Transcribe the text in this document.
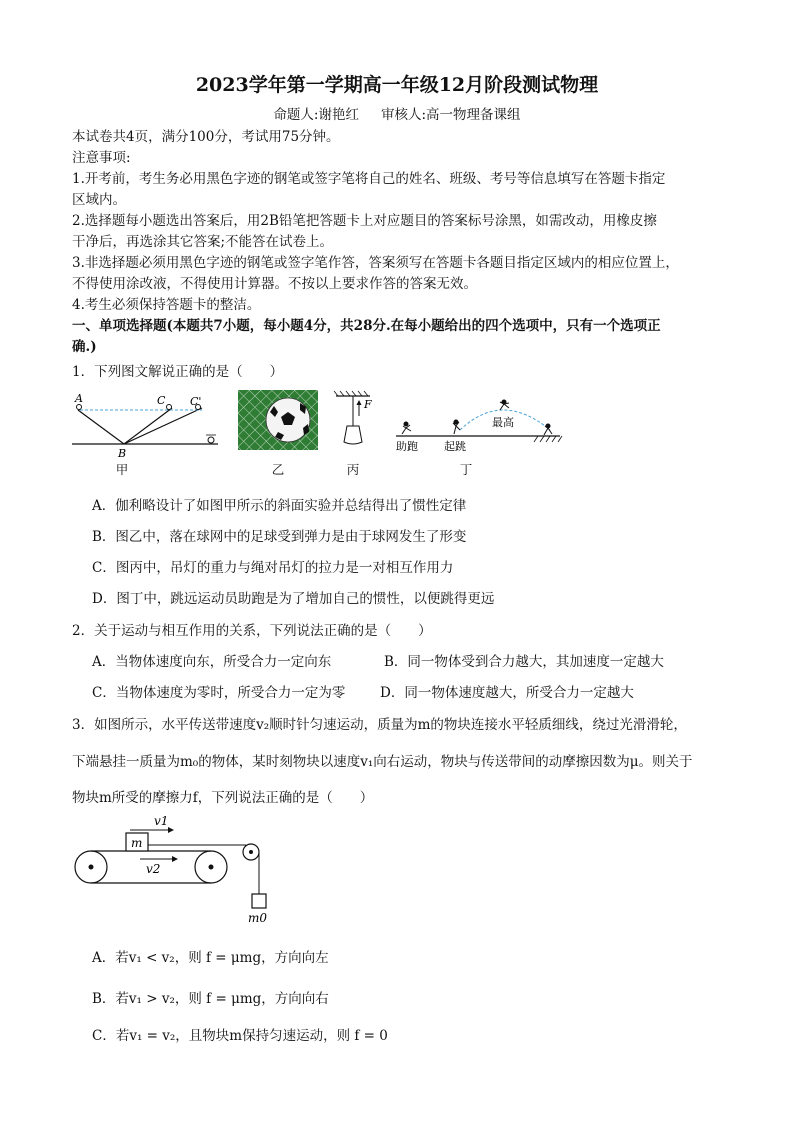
2023学年第一学期高一年级12月阶段测试物理
命题人:谢艳红 审核人:高一物理备课组
本试卷共4页，满分100分，考试用75分钟。
注意事项:
1.开考前，考生务必用黑色字迹的钢笔或签字笔将自己的姓名、班级、考号等信息填写在答题卡指定
区域内。
2.选择题每小题选出答案后，用2B铅笔把答题卡上对应题目的答案标号涂黑，如需改动，用橡皮擦
干净后，再选涂其它答案;不能答在试卷上。
3.非选择题必须用黑色字迹的钢笔或签字笔作答，答案须写在答题卡各题目指定区域内的相应位置上，
不得使用涂改液，不得使用计算器。不按以上要求作答的答案无效。
4.考生必须保持答题卡的整洁。
一、单项选择题(本题共7小题，每小题4分，共28分.在每小题给出的四个选项中，只有一个选项正
确.)
1．下列图文解说正确的是（　　）
A	C C'
B
甲	乙
F
丙
助跑 起跳
最高
丁
A．伽利略设计了如图甲所示的斜面实验并总结得出了惯性定律
B．图乙中，落在球网中的足球受到弹力是由于球网发生了形变
C．图丙中，吊灯的重力与绳对吊灯的拉力是一对相互作用力
D．图丁中，跳远运动员助跑是为了增加自己的惯性，以便跳得更远
2．关于运动与相互作用的关系，下列说法正确的是（　　）
A．当物体速度向东，所受合力一定向东	B．同一物体受到合力越大，其加速度一定越大
C．当物体速度为零时，所受合力一定为零	D．同一物体速度越大，所受合力一定越大
3．如图所示，水平传送带速度v₂顺时针匀速运动，质量为m的物块连接水平轻质细线，绕过光滑滑轮，
下端悬挂一质量为m₀的物体，某时刻物块以速度v₁向右运动，物块与传送带间的动摩擦因数为μ。则关于
物块m所受的摩擦力f，下列说法正确的是（　　）
m
v1
v2
m0
A．若v₁ < v₂，则 f = μmg，方向向左
B．若v₁ > v₂，则 f = μmg，方向向右
C．若v₁ = v₂，且物块m保持匀速运动，则 f = 0
